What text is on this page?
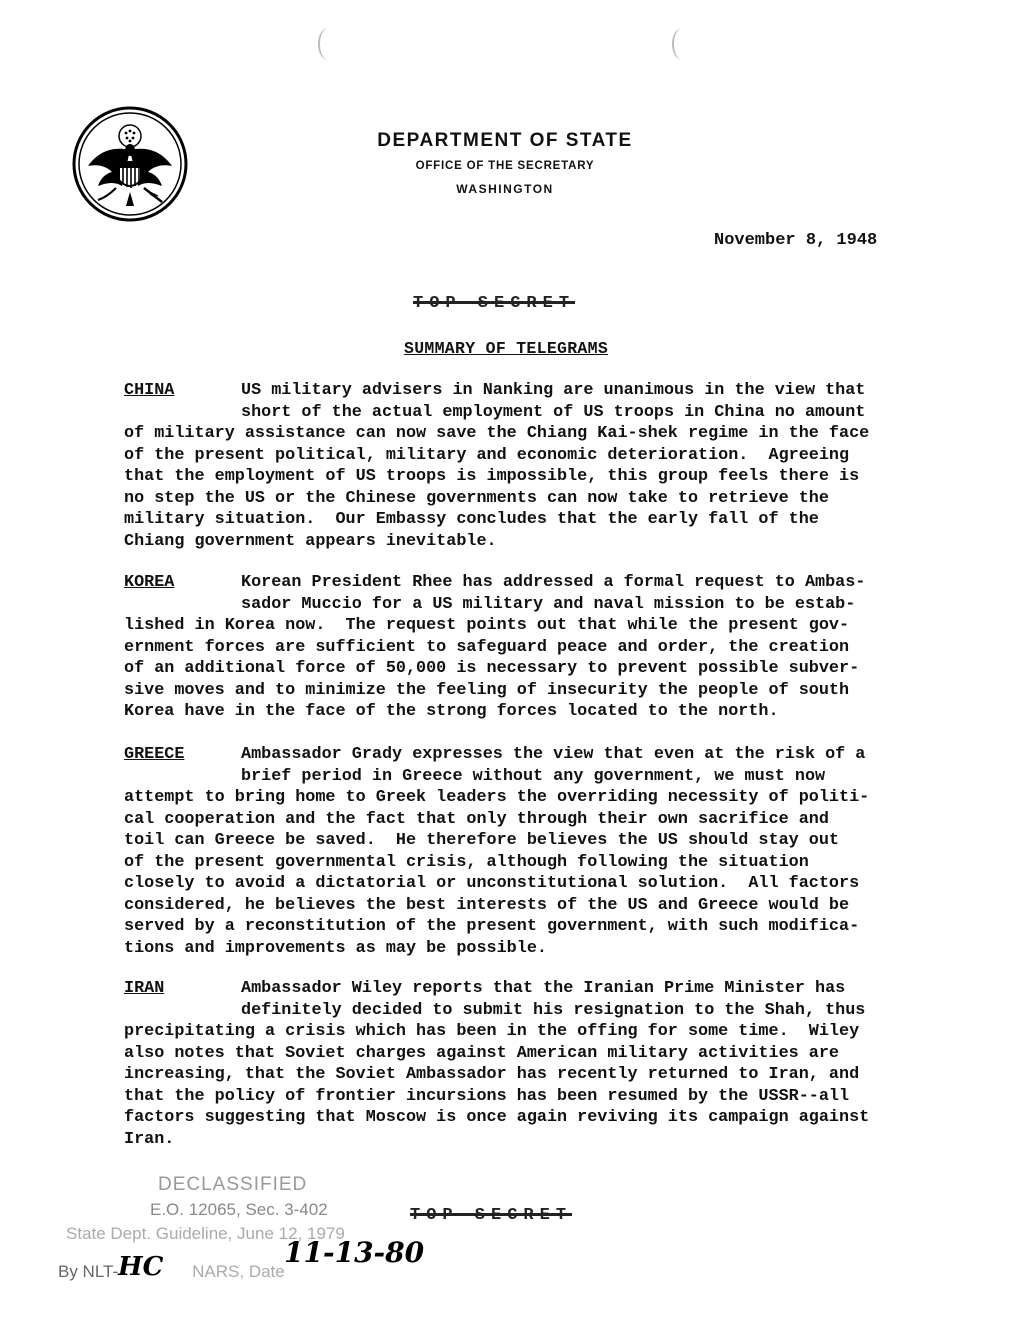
DEPARTMENT OF STATE
OFFICE OF THE SECRETARY
WASHINGTON
November 8, 1948
TOP SECRET
SUMMARY OF TELEGRAMS
CHINA	US military advisers in Nanking are unanimous in the view that
short of the actual employment of US troops in China no amount
of military assistance can now save the Chiang Kai-shek regime in the face
of the present political, military and economic deterioration.  Agreeing
that the employment of US troops is impossible, this group feels there is
no step the US or the Chinese governments can now take to retrieve the
military situation.  Our Embassy concludes that the early fall of the
Chiang government appears inevitable.
KOREA	Korean President Rhee has addressed a formal request to Ambas-
sador Muccio for a US military and naval mission to be estab-
lished in Korea now.  The request points out that while the present gov-
ernment forces are sufficient to safeguard peace and order, the creation
of an additional force of 50,000 is necessary to prevent possible subver-
sive moves and to minimize the feeling of insecurity the people of south
Korea have in the face of the strong forces located to the north.
GREECE	Ambassador Grady expresses the view that even at the risk of a
brief period in Greece without any government, we must now
attempt to bring home to Greek leaders the overriding necessity of politi-
cal cooperation and the fact that only through their own sacrifice and
toil can Greece be saved.  He therefore believes the US should stay out
of the present governmental crisis, although following the situation
closely to avoid a dictatorial or unconstitutional solution.  All factors
considered, he believes the best interests of the US and Greece would be
served by a reconstitution of the present government, with such modifica-
tions and improvements as may be possible.
IRAN	Ambassador Wiley reports that the Iranian Prime Minister has
definitely decided to submit his resignation to the Shah, thus
precipitating a crisis which has been in the offing for some time.  Wiley
also notes that Soviet charges against American military activities are
increasing, that the Soviet Ambassador has recently returned to Iran, and
that the policy of frontier incursions has been resumed by the USSR--all
factors suggesting that Moscow is once again reviving its campaign against
Iran.
DECLASSIFIED
E.O. 12065, Sec. 3-402
State Dept. Guideline, June 12, 1979
By NLT-	NARS, Date
HC	11-13-80
TOP SECRET
